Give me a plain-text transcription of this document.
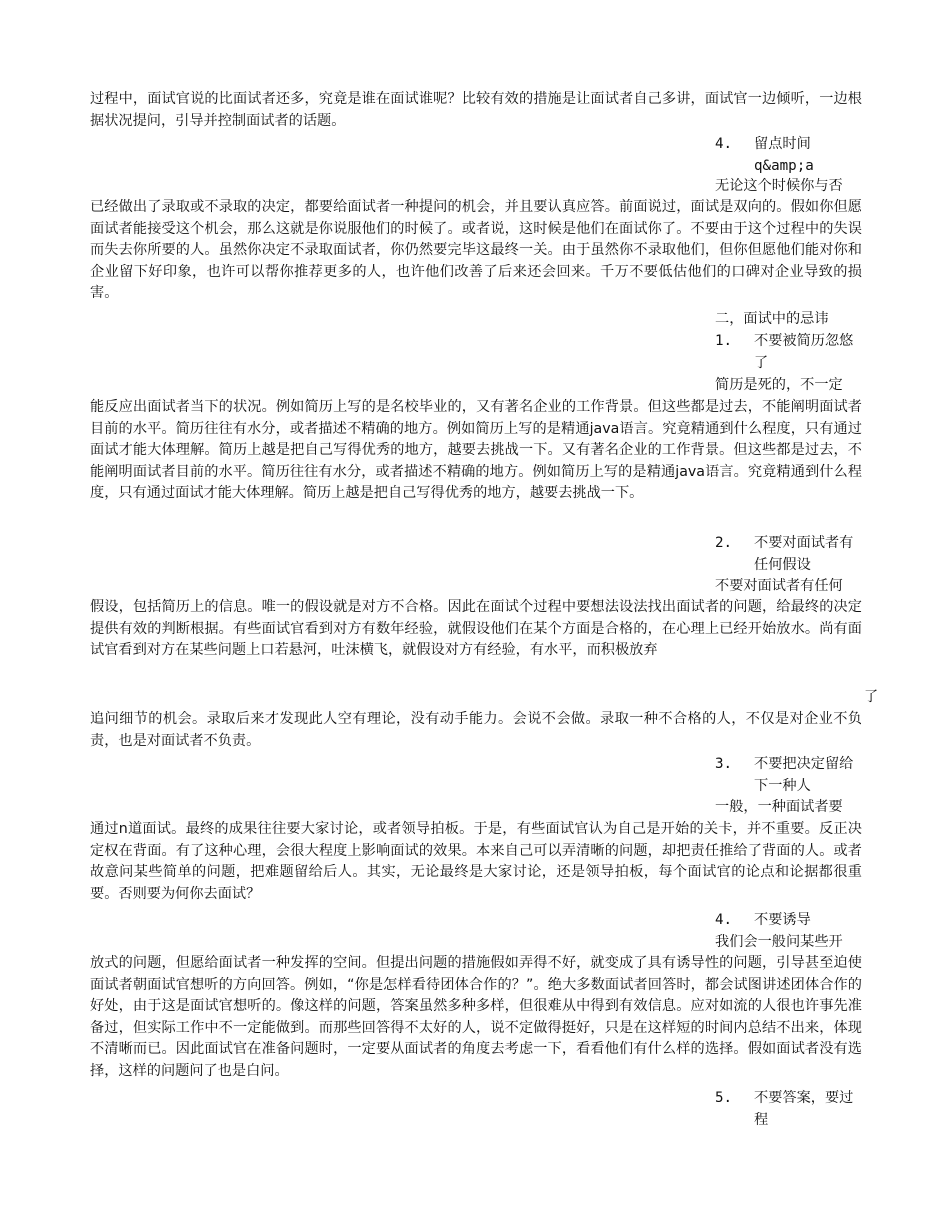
过程中，面试官说的比面试者还多，究竟是谁在面试谁呢？比较有效的措施是让面试者自己多讲，面试官一边倾听，一边根据状况提问，引导并控制面试者的话题。

4. 留点时间
q&amp;a

无论这个时候你与否

已经做出了录取或不录取的决定，都要给面试者一种提问的机会，并且要认真应答。前面说过，面试是双向的。假如你但愿面试者能接受这个机会，那么这就是你说服他们的时候了。或者说，这时候是他们在面试你了。不要由于这个过程中的失误而失去你所要的人。虽然你决定不录取面试者，你仍然要完毕这最终一关。由于虽然你不录取他们，但你但愿他们能对你和企业留下好印象，也许可以帮你推荐更多的人，也许他们改善了后来还会回来。千万不要低估他们的口碑对企业导致的损害。

二，面试中的忌讳

1. 不要被简历忽悠了

简历是死的，不一定

能反应出面试者当下的状况。例如简历上写的是名校毕业的，又有著名企业的工作背景。但这些都是过去，不能阐明面试者目前的水平。简历往往有水分，或者描述不精确的地方。例如简历上写的是精通java语言。究竟精通到什么程度，只有通过面试才能大体理解。简历上越是把自己写得优秀的地方，越要去挑战一下。又有著名企业的工作背景。但这些都是过去，不能阐明面试者目前的水平。简历往往有水分，或者描述不精确的地方。例如简历上写的是精通java语言。究竟精通到什么程度，只有通过面试才能大体理解。简历上越是把自己写得优秀的地方，越要去挑战一下。

2. 不要对面试者有任何假设

不要对面试者有任何

假设，包括简历上的信息。唯一的假设就是对方不合格。因此在面试个过程中要想法设法找出面试者的问题，给最终的决定提供有效的判断根据。有些面试官看到对方有数年经验，就假设他们在某个方面是合格的，在心理上已经开始放水。尚有面试官看到对方在某些问题上口若悬河，吐沫横飞，就假设对方有经验，有水平，而积极放弃

了

追问细节的机会。录取后来才发现此人空有理论，没有动手能力。会说不会做。录取一种不合格的人，不仅是对企业不负责，也是对面试者不负责。

3. 不要把决定留给下一种人

一般，一种面试者要

通过n道面试。最终的成果往往要大家讨论，或者领导拍板。于是，有些面试官认为自己是开始的关卡，并不重要。反正决定权在背面。有了这种心理，会很大程度上影响面试的效果。本来自己可以弄清晰的问题，却把责任推给了背面的人。或者故意问某些简单的问题，把难题留给后人。其实，无论最终是大家讨论，还是领导拍板，每个面试官的论点和论据都很重要。否则要为何你去面试？

4. 不要诱导

我们会一般问某些开

放式的问题，但愿给面试者一种发挥的空间。但提出问题的措施假如弄得不好，就变成了具有诱导性的问题，引导甚至迫使面试者朝面试官想听的方向回答。例如，“你是怎样看待团体合作的？”。绝大多数面试者回答时，都会试图讲述团体合作的好处，由于这是面试官想听的。像这样的问题，答案虽然多种多样，但很难从中得到有效信息。应对如流的人很也许事先准备过，但实际工作中不一定能做到。而那些回答得不太好的人，说不定做得挺好，只是在这样短的时间内总结不出来，体现不清晰而已。因此面试官在准备问题时，一定要从面试者的角度去考虑一下，看看他们有什么样的选择。假如面试者没有选择，这样的问题问了也是白问。

5. 不要答案，要过程
